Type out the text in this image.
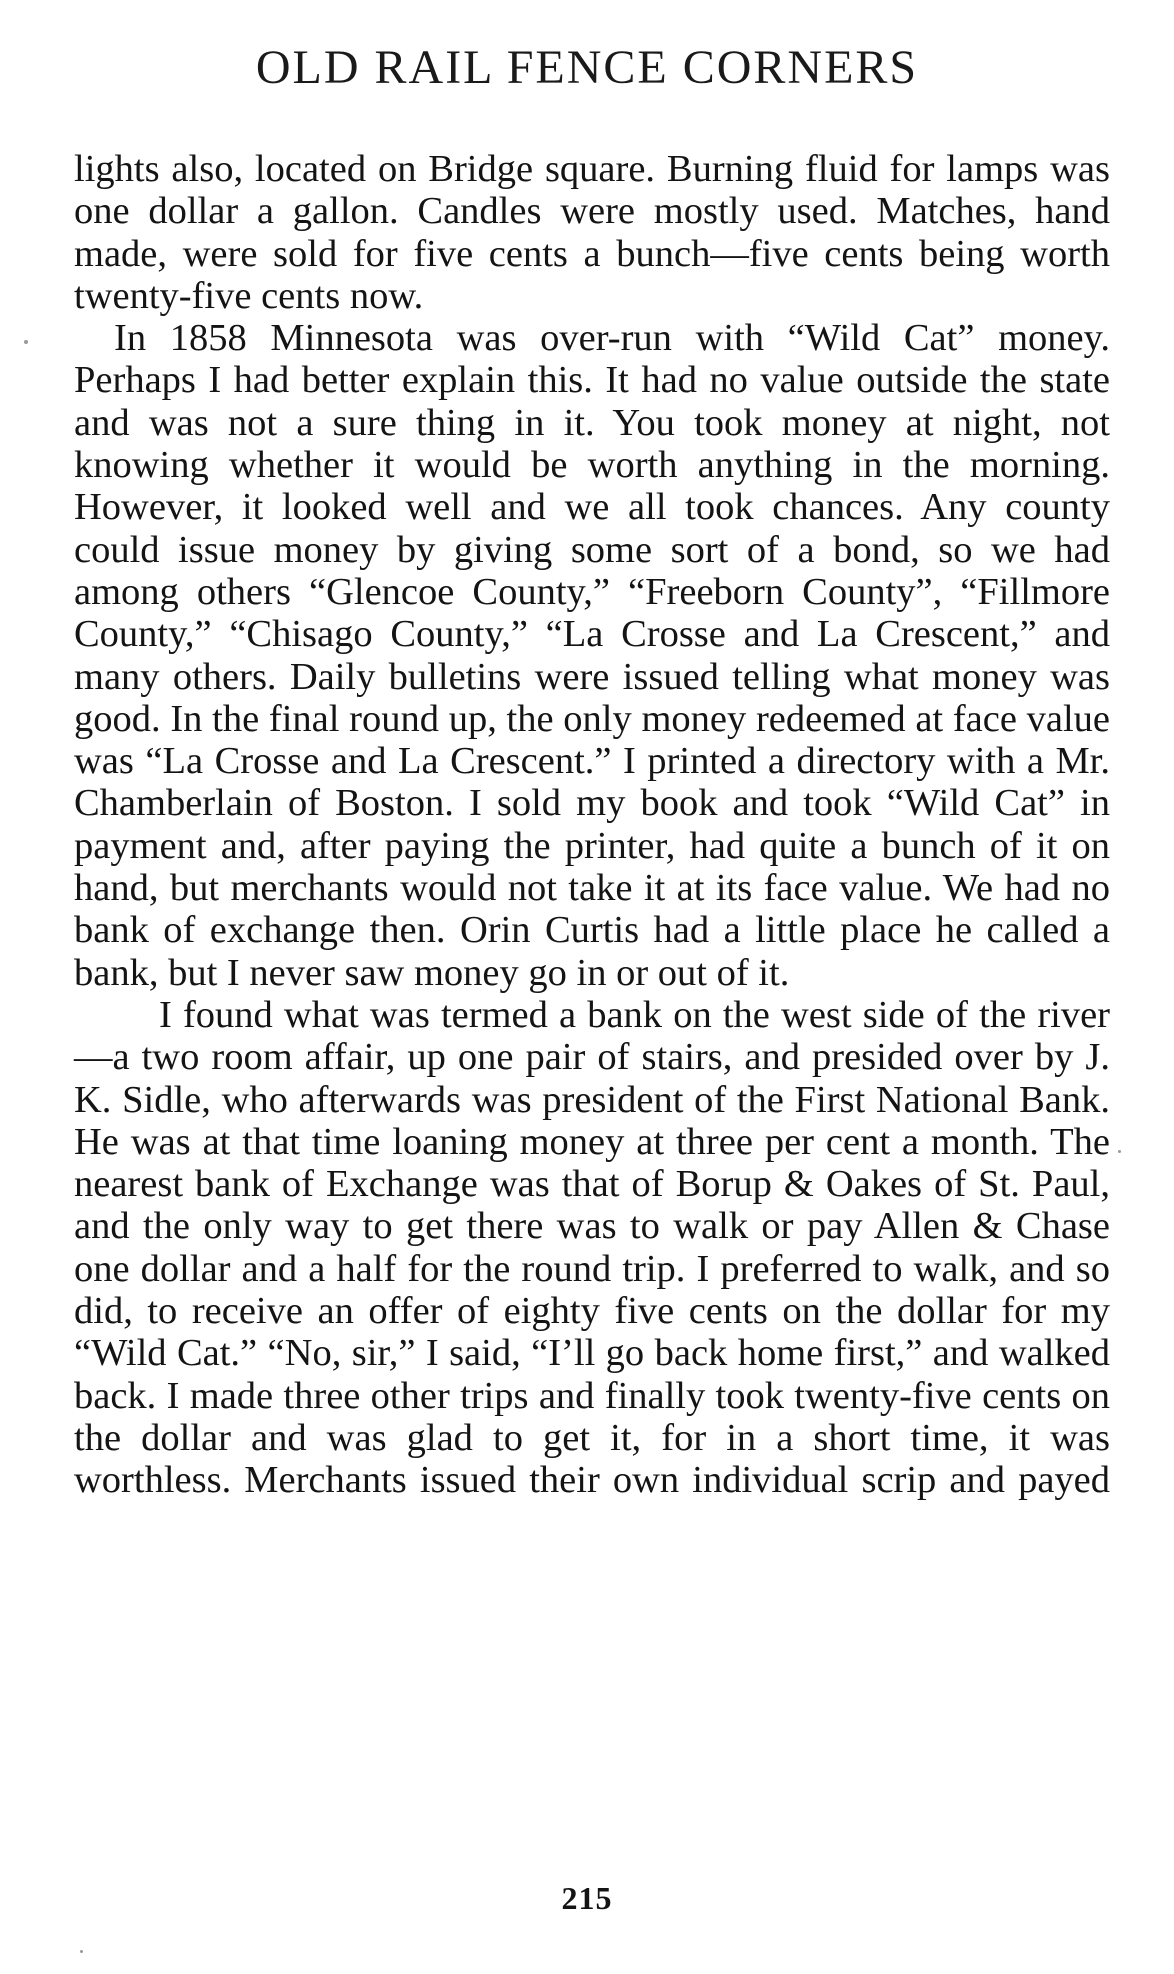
OLD RAIL FENCE CORNERS

lights also, located on Bridge square. Burning fluid for lamps was one dollar a gallon. Candles were mostly used. Matches, hand made, were sold for five cents a bunch—five cents being worth twenty-five cents now.

In 1858 Minnesota was over-run with “Wild Cat” money. Perhaps I had better explain this. It had no value outside the state and was not a sure thing in it. You took money at night, not knowing whether it would be worth anything in the morning. However, it looked well and we all took chances. Any county could issue money by giving some sort of a bond, so we had among others “Glencoe County,” “Freeborn County”, “Fillmore County,” “Chisago County,” “La Crosse and La Crescent,” and many others. Daily bulletins were issued telling what money was good. In the final round up, the only money redeemed at face value was “La Crosse and La Crescent.” I printed a directory with a Mr. Chamberlain of Boston. I sold my book and took “Wild Cat” in payment and, after paying the printer, had quite a bunch of it on hand, but merchants would not take it at its face value. We had no bank of exchange then. Orin Curtis had a little place he called a bank, but I never saw money go in or out of it.

I found what was termed a bank on the west side of the river—a two room affair, up one pair of stairs, and presided over by J. K. Sidle, who afterwards was president of the First National Bank. He was at that time loaning money at three per cent a month. The nearest bank of Exchange was that of Borup & Oakes of St. Paul, and the only way to get there was to walk or pay Allen & Chase one dollar and a half for the round trip. I preferred to walk, and so did, to receive an offer of eighty five cents on the dollar for my “Wild Cat.” “No, sir,” I said, “I’ll go back home first,” and walked back. I made three other trips and finally took twenty-five cents on the dollar and was glad to get it, for in a short time, it was worthless. Merchants issued their own individual scrip and payed

215
